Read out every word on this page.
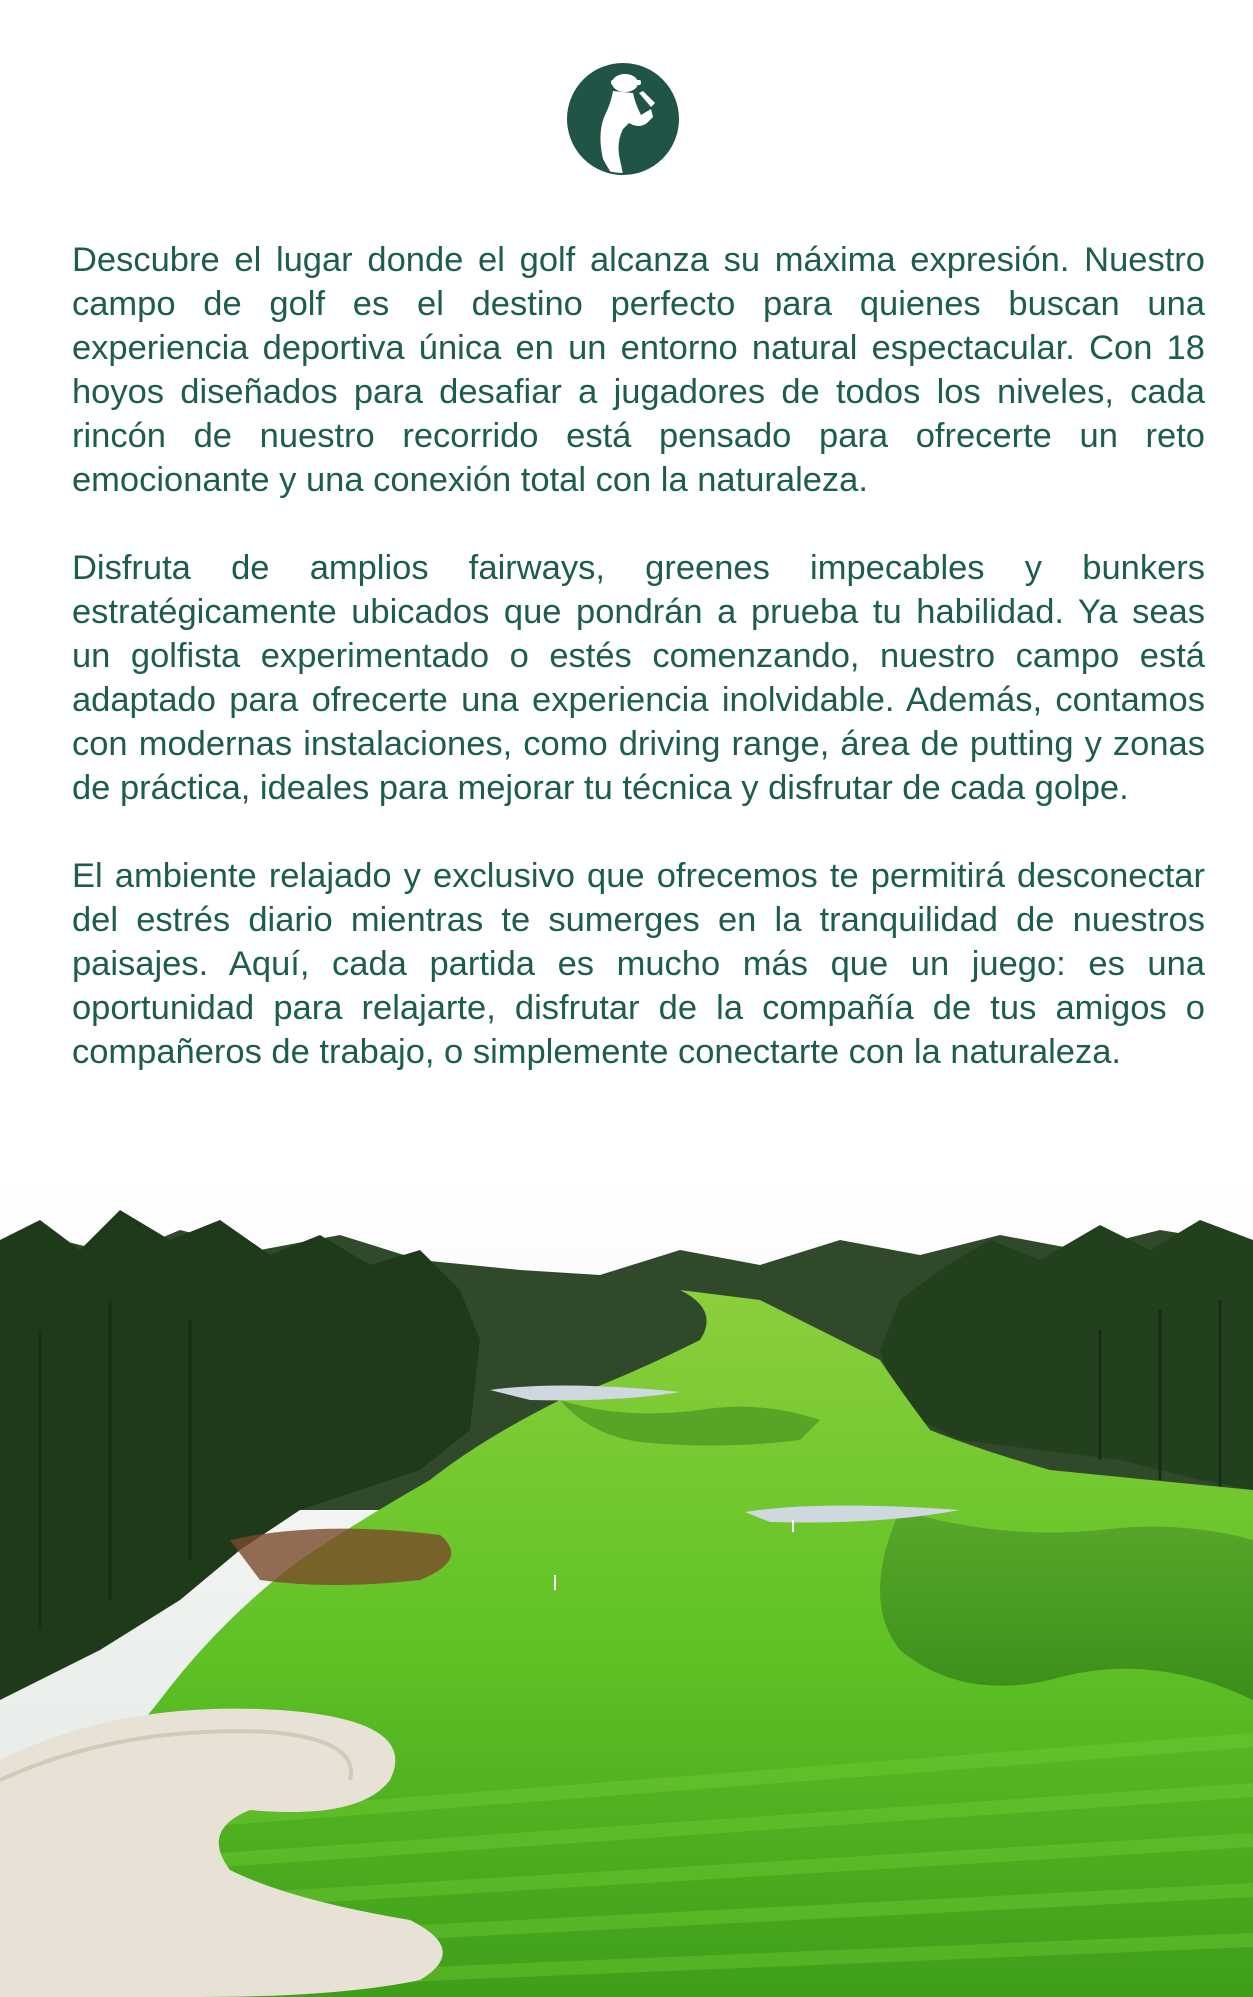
Descubre el lugar donde el golf alcanza su máxima expresión. Nuestro campo de golf es el destino perfecto para quienes buscan una experiencia deportiva única en un entorno natural espectacular. Con 18 hoyos diseñados para desafiar a jugadores de todos los niveles, cada rincón de nuestro recorrido está pensado para ofrecerte un reto emocionante y una conexión total con la naturaleza.

Disfruta de amplios fairways, greenes impecables y bunkers estratégicamente ubicados que pondrán a prueba tu habilidad. Ya seas un golfista experimentado o estés comenzando, nuestro campo está adaptado para ofrecerte una experiencia inolvidable. Además, contamos con modernas instalaciones, como driving range, área de putting y zonas de práctica, ideales para mejorar tu técnica y disfrutar de cada golpe.

El ambiente relajado y exclusivo que ofrecemos te permitirá desconectar del estrés diario mientras te sumerges en la tranquilidad de nuestros paisajes. Aquí, cada partida es mucho más que un juego: es una oportunidad para relajarte, disfrutar de la compañía de tus amigos o compañeros de trabajo, o simplemente conectarte con la naturaleza.
